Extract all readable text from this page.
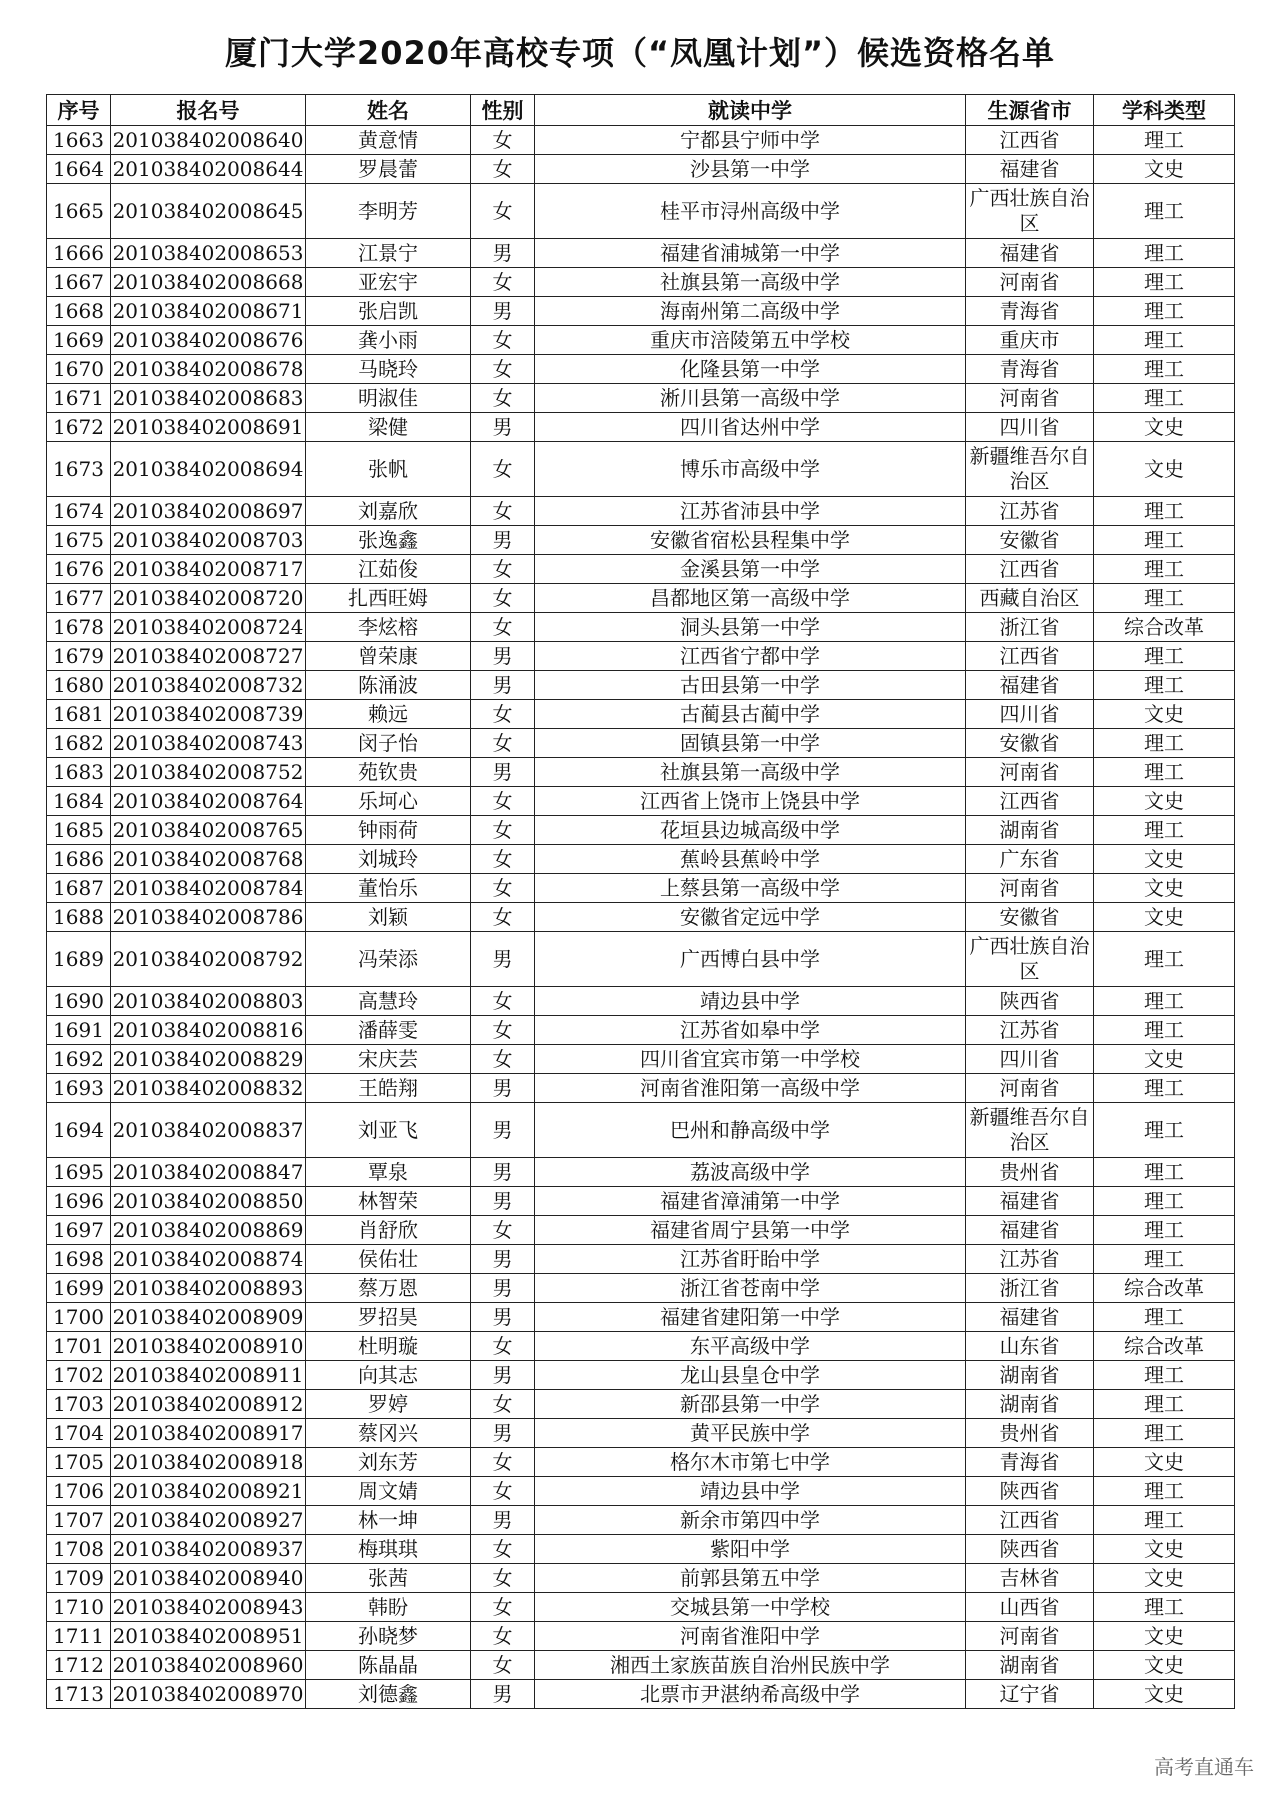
厦门大学2020年高校专项（“凤凰计划”）候选资格名单
序号	报名号	姓名	性别	就读中学	生源省市	学科类型
1663	201038402008640	黄意情	女	宁都县宁师中学	江西省	理工
1664	201038402008644	罗晨蕾	女	沙县第一中学	福建省	文史
1665	201038402008645	李明芳	女	桂平市浔州高级中学	广西壮族自治区	理工
1666	201038402008653	江景宁	男	福建省浦城第一中学	福建省	理工
1667	201038402008668	亚宏宇	女	社旗县第一高级中学	河南省	理工
1668	201038402008671	张启凯	男	海南州第二高级中学	青海省	理工
1669	201038402008676	龚小雨	女	重庆市涪陵第五中学校	重庆市	理工
1670	201038402008678	马晓玲	女	化隆县第一中学	青海省	理工
1671	201038402008683	明淑佳	女	淅川县第一高级中学	河南省	理工
1672	201038402008691	梁健	男	四川省达州中学	四川省	文史
1673	201038402008694	张帆	女	博乐市高级中学	新疆维吾尔自治区	文史
1674	201038402008697	刘嘉欣	女	江苏省沛县中学	江苏省	理工
1675	201038402008703	张逸鑫	男	安徽省宿松县程集中学	安徽省	理工
1676	201038402008717	江茹俊	女	金溪县第一中学	江西省	理工
1677	201038402008720	扎西旺姆	女	昌都地区第一高级中学	西藏自治区	理工
1678	201038402008724	李炫榕	女	洞头县第一中学	浙江省	综合改革
1679	201038402008727	曾荣康	男	江西省宁都中学	江西省	理工
1680	201038402008732	陈涌波	男	古田县第一中学	福建省	理工
1681	201038402008739	赖远	女	古蔺县古蔺中学	四川省	文史
1682	201038402008743	闵子怡	女	固镇县第一中学	安徽省	理工
1683	201038402008752	苑钦贵	男	社旗县第一高级中学	河南省	理工
1684	201038402008764	乐坷心	女	江西省上饶市上饶县中学	江西省	文史
1685	201038402008765	钟雨荷	女	花垣县边城高级中学	湖南省	理工
1686	201038402008768	刘城玲	女	蕉岭县蕉岭中学	广东省	文史
1687	201038402008784	董怡乐	女	上蔡县第一高级中学	河南省	文史
1688	201038402008786	刘颖	女	安徽省定远中学	安徽省	文史
1689	201038402008792	冯荣添	男	广西博白县中学	广西壮族自治区	理工
1690	201038402008803	高慧玲	女	靖边县中学	陕西省	理工
1691	201038402008816	潘薛雯	女	江苏省如皋中学	江苏省	理工
1692	201038402008829	宋庆芸	女	四川省宜宾市第一中学校	四川省	文史
1693	201038402008832	王皓翔	男	河南省淮阳第一高级中学	河南省	理工
1694	201038402008837	刘亚飞	男	巴州和静高级中学	新疆维吾尔自治区	理工
1695	201038402008847	覃泉	男	荔波高级中学	贵州省	理工
1696	201038402008850	林智荣	男	福建省漳浦第一中学	福建省	理工
1697	201038402008869	肖舒欣	女	福建省周宁县第一中学	福建省	理工
1698	201038402008874	侯佑壮	男	江苏省盱眙中学	江苏省	理工
1699	201038402008893	蔡万恩	男	浙江省苍南中学	浙江省	综合改革
1700	201038402008909	罗招昊	男	福建省建阳第一中学	福建省	理工
1701	201038402008910	杜明璇	女	东平高级中学	山东省	综合改革
1702	201038402008911	向其志	男	龙山县皇仓中学	湖南省	理工
1703	201038402008912	罗婷	女	新邵县第一中学	湖南省	理工
1704	201038402008917	蔡冈兴	男	黄平民族中学	贵州省	理工
1705	201038402008918	刘东芳	女	格尔木市第七中学	青海省	文史
1706	201038402008921	周文婧	女	靖边县中学	陕西省	理工
1707	201038402008927	林一坤	男	新余市第四中学	江西省	理工
1708	201038402008937	梅琪琪	女	紫阳中学	陕西省	文史
1709	201038402008940	张茜	女	前郭县第五中学	吉林省	文史
1710	201038402008943	韩盼	女	交城县第一中学校	山西省	理工
1711	201038402008951	孙晓梦	女	河南省淮阳中学	河南省	文史
1712	201038402008960	陈晶晶	女	湘西土家族苗族自治州民族中学	湖南省	文史
1713	201038402008970	刘德鑫	男	北票市尹湛纳希高级中学	辽宁省	文史
高考直通车
